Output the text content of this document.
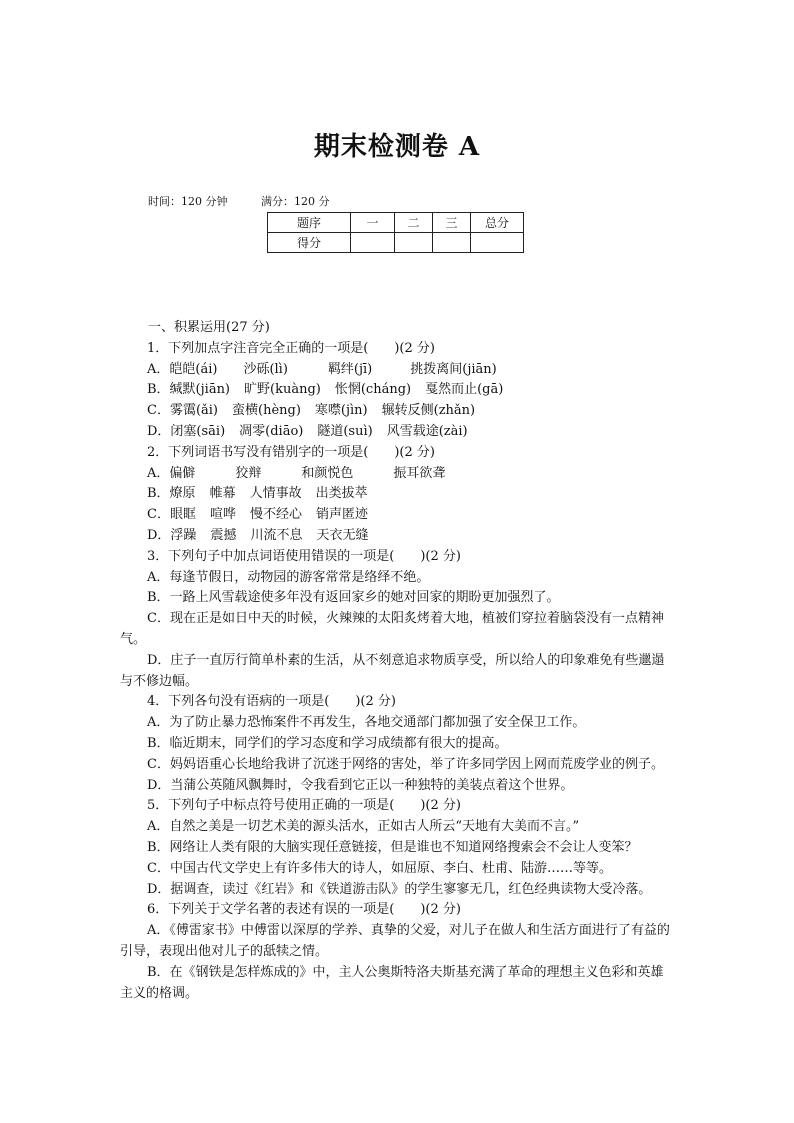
期末检测卷 A
时间：120 分钟	满分：120 分
题序	一	二	三	总分
得分				
一、积累运用(27 分)
1．下列加点字注音完全正确的一项是(　　)(2 分)
A．皑皑(ái) 沙砾(lì)	羁绊(jī)	挑拨离间(jiān)
B．缄默(jiān) 旷野(kuàng) 怅惘(cháng) 戛然而止(gā)
C．雾霭(ǎi) 蛮横(hèng) 寒噤(jìn) 辗转反侧(zhǎn)
D．闭塞(sāi) 凋零(diāo) 隧道(suì) 风雪载途(zài)
2．下列词语书写没有错别字的一项是(　　)(2 分)
A．偏僻	狡辩	和颜悦色	振耳欲聋
B．燎原 帷幕 人情事故 出类拔萃
C．眼眶 喧哗 慢不经心 销声匿迹
D．浮躁 震撼 川流不息 天衣无缝
3．下列句子中加点词语使用错误的一项是(　　)(2 分)
A．每逢节假日，动物园的游客常常是络绎不绝。
B．一路上风雪载途使多年没有返回家乡的她对回家的期盼更加强烈了。
C．现在正是如日中天的时候，火辣辣的太阳炙烤着大地，植被们穿拉着脑袋没有一点精神气。
D．庄子一直厉行简单朴素的生活，从不刻意追求物质享受，所以给人的印象难免有些邋遢与不修边幅。
4．下列各句没有语病的一项是(　　)(2 分)
A．为了防止暴力恐怖案件不再发生，各地交通部门都加强了安全保卫工作。
B．临近期末，同学们的学习态度和学习成绩都有很大的提高。
C．妈妈语重心长地给我讲了沉迷于网络的害处，举了许多同学因上网而荒废学业的例子。
D．当蒲公英随风飘舞时，令我看到它正以一种独特的美装点着这个世界。
5．下列句子中标点符号使用正确的一项是(　　)(2 分)
A．自然之美是一切艺术美的源头活水，正如古人所云“天地有大美而不言。”
B．网络让人类有限的大脑实现任意链接，但是谁也不知道网络搜索会不会让人变笨？
C．中国古代文学史上有许多伟大的诗人，如屈原、李白、杜甫、陆游……等等。
D．据调查，读过《红岩》和《铁道游击队》的学生寥寥无几，红色经典读物大受冷落。
6．下列关于文学名著的表述有误的一项是(　　)(2 分)
A．《傅雷家书》中傅雷以深厚的学养、真挚的父爱，对儿子在做人和生活方面进行了有益的引导，表现出他对儿子的舐犊之情。
B．在《钢铁是怎样炼成的》中，主人公奥斯特洛夫斯基充满了革命的理想主义色彩和英雄主义的格调。
